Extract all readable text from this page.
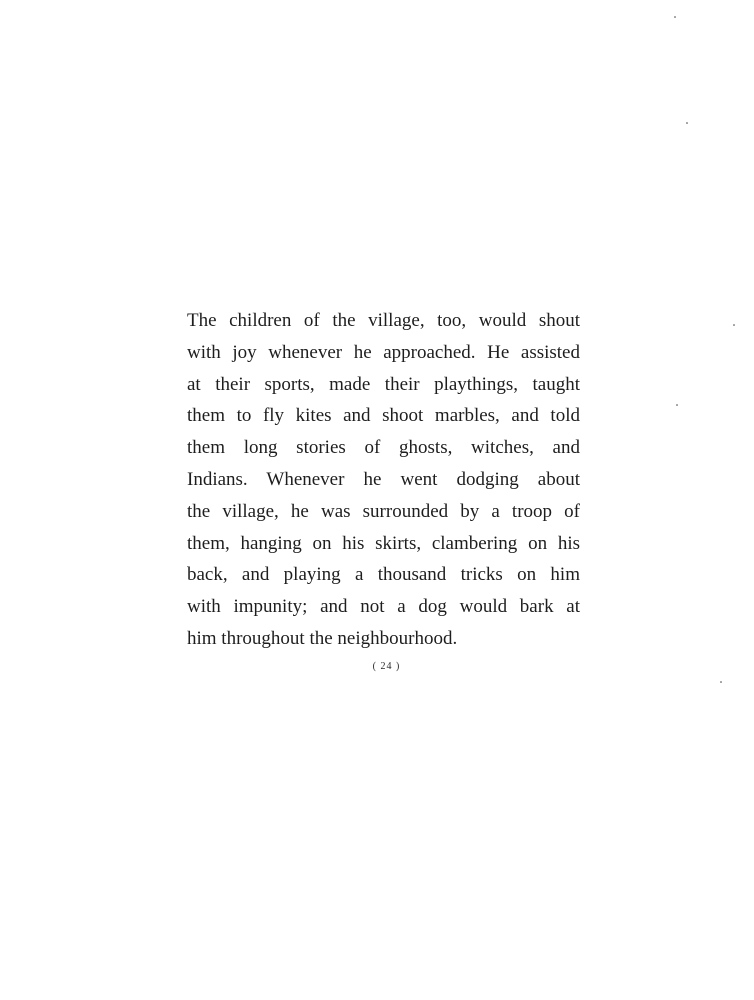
The children of the village, too, would shout
with joy whenever he approached. He assisted
at their sports, made their playthings, taught
them to fly kites and shoot marbles, and told
them long stories of ghosts, witches, and
Indians. Whenever he went dodging about
the village, he was surrounded by a troop of
them, hanging on his skirts, clambering on his
back, and playing a thousand tricks on him
with impunity; and not a dog would bark at
him throughout the neighbourhood.
( 24 )
